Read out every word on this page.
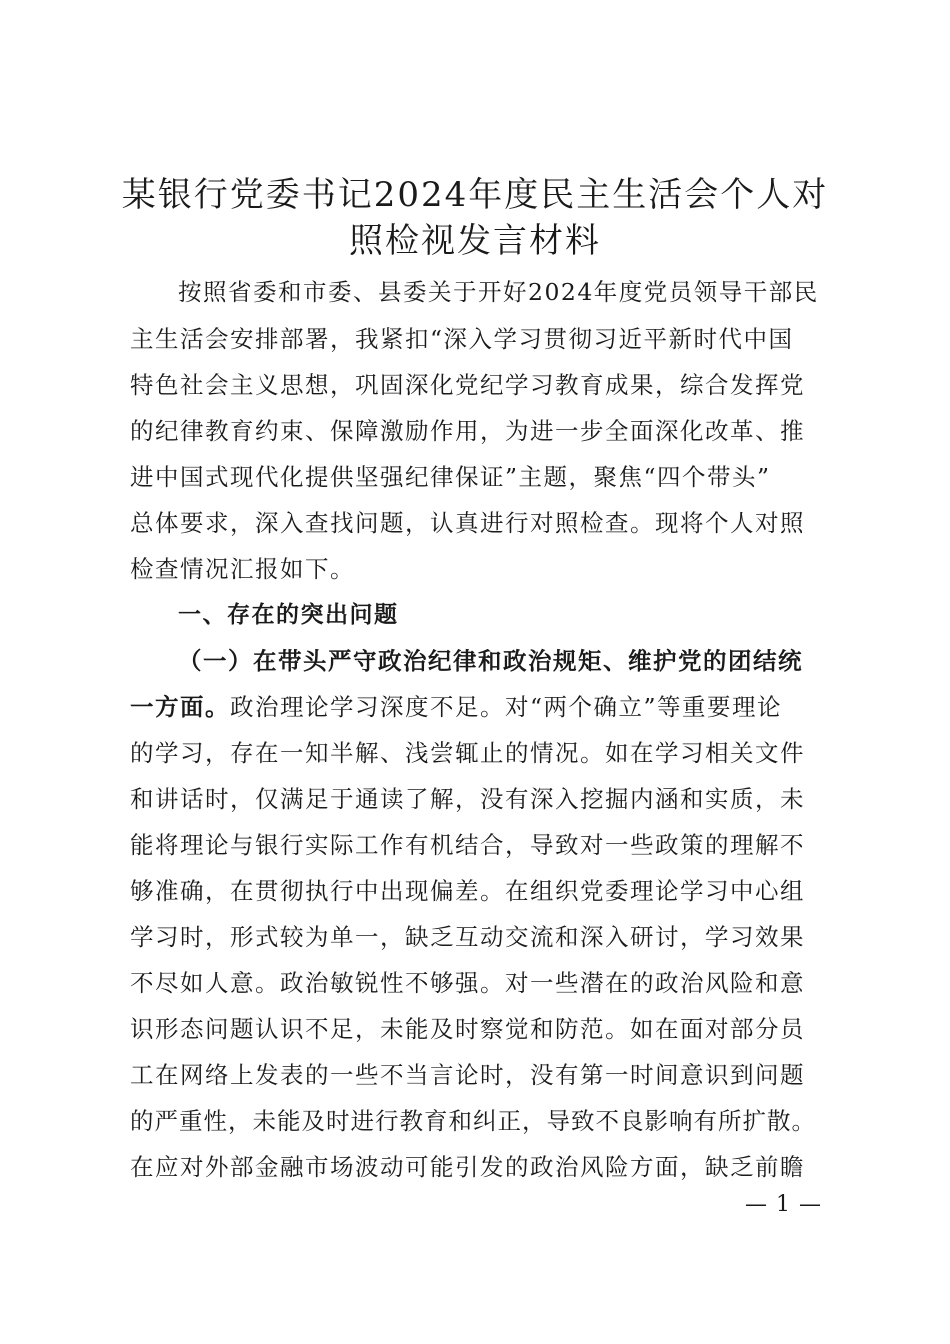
某银行党委书记2024年度民主生活会个人对
照检视发言材料
按照省委和市委、县委关于开好2024年度党员领导干部民
主生活会安排部署，我紧扣“深入学习贯彻习近平新时代中国
特色社会主义思想，巩固深化党纪学习教育成果，综合发挥党
的纪律教育约束、保障激励作用，为进一步全面深化改革、推
进中国式现代化提供坚强纪律保证”主题，聚焦“四个带头”
总体要求，深入查找问题，认真进行对照检查。现将个人对照
检查情况汇报如下。
一、存在的突出问题
（一）在带头严守政治纪律和政治规矩、维护党的团结统
一方面。政治理论学习深度不足。对“两个确立”等重要理论
的学习，存在一知半解、浅尝辄止的情况。如在学习相关文件
和讲话时，仅满足于通读了解，没有深入挖掘内涵和实质，未
能将理论与银行实际工作有机结合，导致对一些政策的理解不
够准确，在贯彻执行中出现偏差。在组织党委理论学习中心组
学习时，形式较为单一，缺乏互动交流和深入研讨，学习效果
不尽如人意。政治敏锐性不够强。对一些潜在的政治风险和意
识形态问题认识不足，未能及时察觉和防范。如在面对部分员
工在网络上发表的一些不当言论时，没有第一时间意识到问题
的严重性，未能及时进行教育和纠正，导致不良影响有所扩散。
在应对外部金融市场波动可能引发的政治风险方面，缺乏前瞻
— 1 —
